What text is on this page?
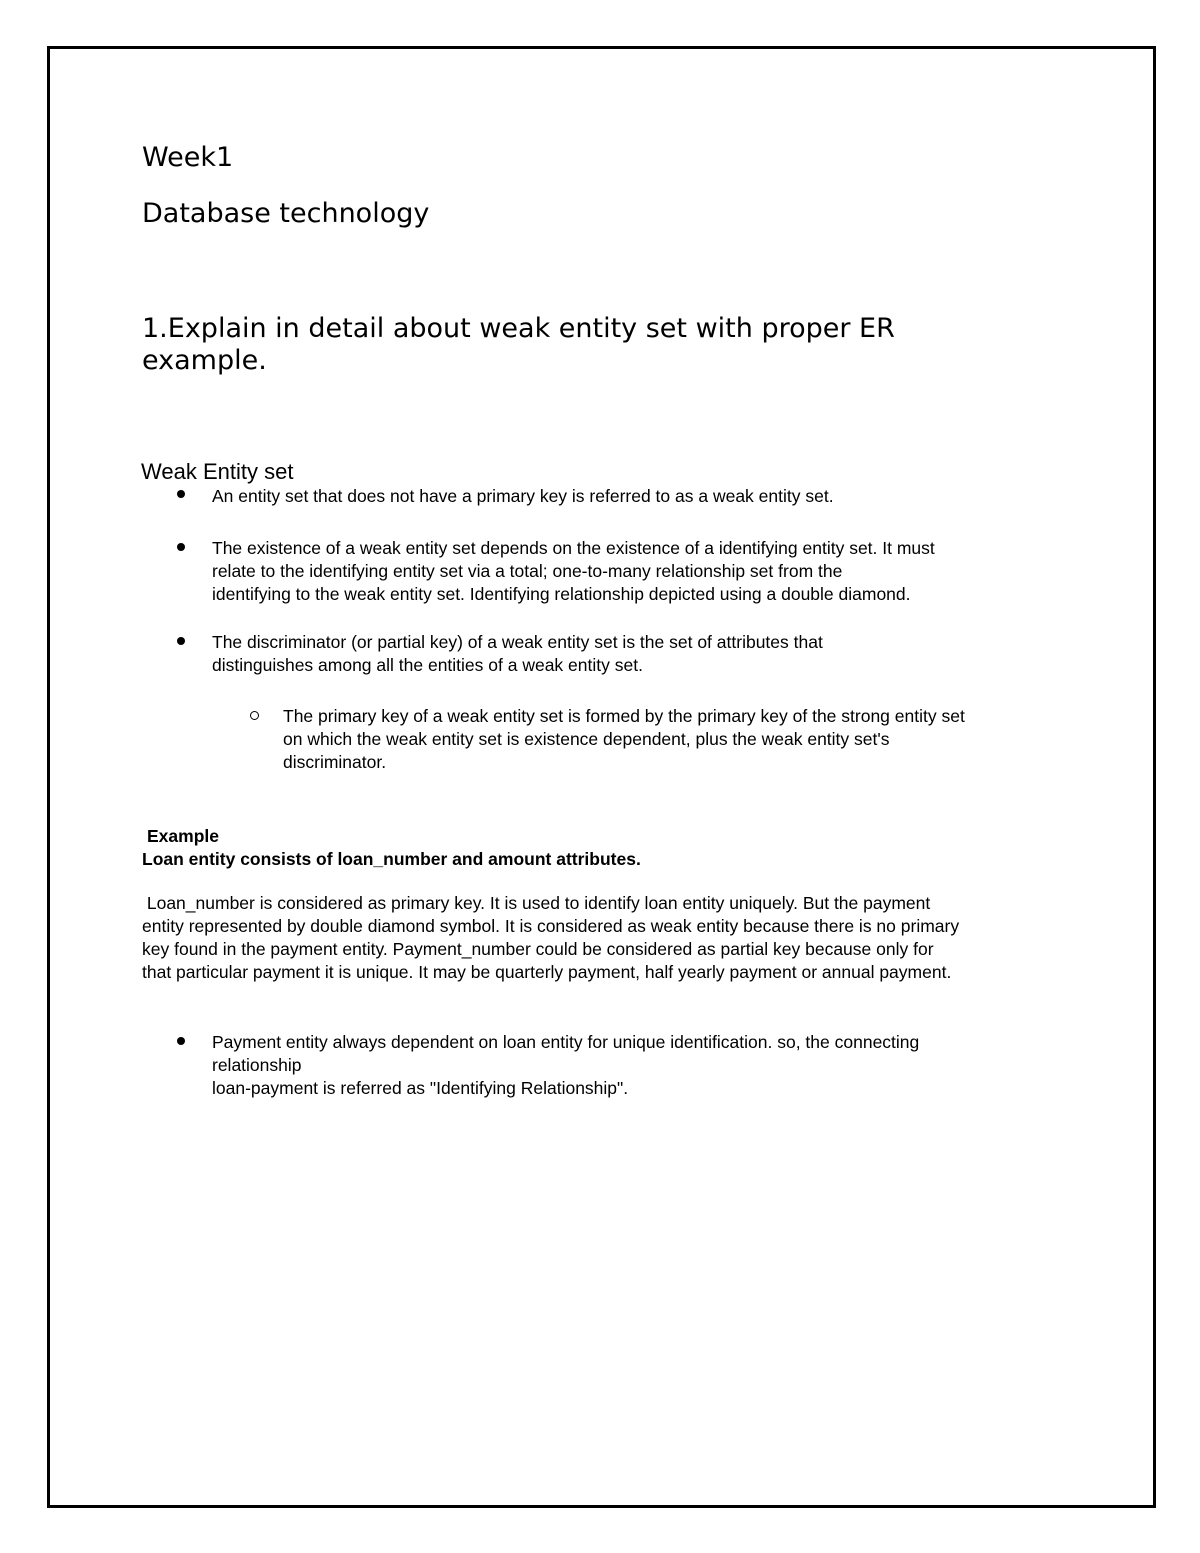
Week1
Database technology
1.Explain in detail about weak entity set with proper ER example.
Weak Entity set
An entity set that does not have a primary key is referred to as a weak entity set.
The existence of a weak entity set depends on the existence of a identifying entity set. It must
relate to the identifying entity set via a total; one-to-many relationship set from the
identifying to the weak entity set. Identifying relationship depicted using a double diamond.
The discriminator (or partial key) of a weak entity set is the set of attributes that
distinguishes among all the entities of a weak entity set.
The primary key of a weak entity set is formed by the primary key of the strong entity set
on which the weak entity set is existence dependent, plus the weak entity set's
discriminator.
Example
Loan entity consists of loan_number and amount attributes.
Loan_number is considered as primary key. It is used to identify loan entity uniquely. But the payment
entity represented by double diamond symbol. It is considered as weak entity because there is no primary
key found in the payment entity. Payment_number could be considered as partial key because only for
that particular payment it is unique. It may be quarterly payment, half yearly payment or annual payment.
Payment entity always dependent on loan entity for unique identification. so, the connecting
relationship
loan-payment is referred as "Identifying Relationship".
